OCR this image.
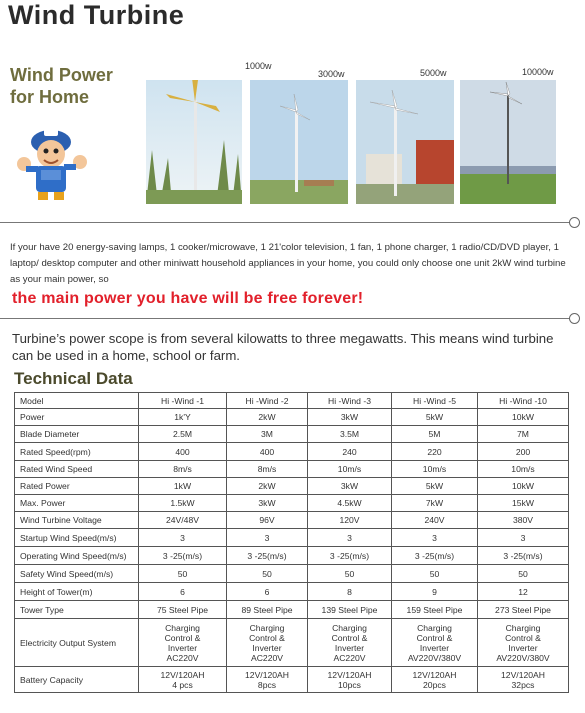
Wind Turbine
Wind Power
for Home
1000w
3000w	5000w	10000w
If your have 20 energy-saving lamps, 1 cooker/microwave, 1 21'color television, 1 fan, 1 phone charger, 1 radio/CD/DVD player, 1 laptop/ desktop computer and other miniwatt household appliances in your home, you could only choose one unit 2kW wind turbine as your main power, so
the main power you have will be free forever!
Turbine’s power scope is from several kilowatts to three megawatts. This means wind turbine can be used in a home, school or farm.
Technical Data
Model	Hi -Wind -1	Hi -Wind -2	Hi -Wind -3	Hi -Wind -5	Hi -Wind -10
Power	1k'Y	2kW	3kW	5kW	10kW
Blade Diameter	2.5M	3M	3.5M	5M	7M
Rated Speed(rpm)	400	400	240	220	200
Rated Wind Speed	8m/s	8m/s	10m/s	10m/s	10m/s
Rated Power	1kW	2kW	3kW	5kW	10kW
Max. Power	1.5kW	3kW	4.5kW	7kW	15kW
Wind Turbine Voltage	24V/48V	96V	120V	240V	380V
Startup Wind Speed(m/s)	3	3	3	3	3
Operating Wind Speed(m/s)	3 -25(m/s)	3 -25(m/s)	3 -25(m/s)	3 -25(m/s)	3 -25(m/s)
Safety Wind Speed(m/s)	50	50	50	50	50
Height of Tower(m)	6	6	8	9	12
Tower Type	75 Steel Pipe	89 Steel Pipe	139 Steel Pipe	159 Steel Pipe	273 Steel Pipe
Electricity Output System	Charging
Control &
Inverter
AC220V	Charging
Control &
Inverter
AC220V	Charging
Control &
Inverter
AC220V	Charging
Control &
Inverter
AV220V/380V	Charging
Control &
Inverter
AV220V/380V
Battery Capacity	12V/120AH
4 pcs	12V/120AH
8pcs	12V/120AH
10pcs	12V/120AH
20pcs	12V/120AH
32pcs
